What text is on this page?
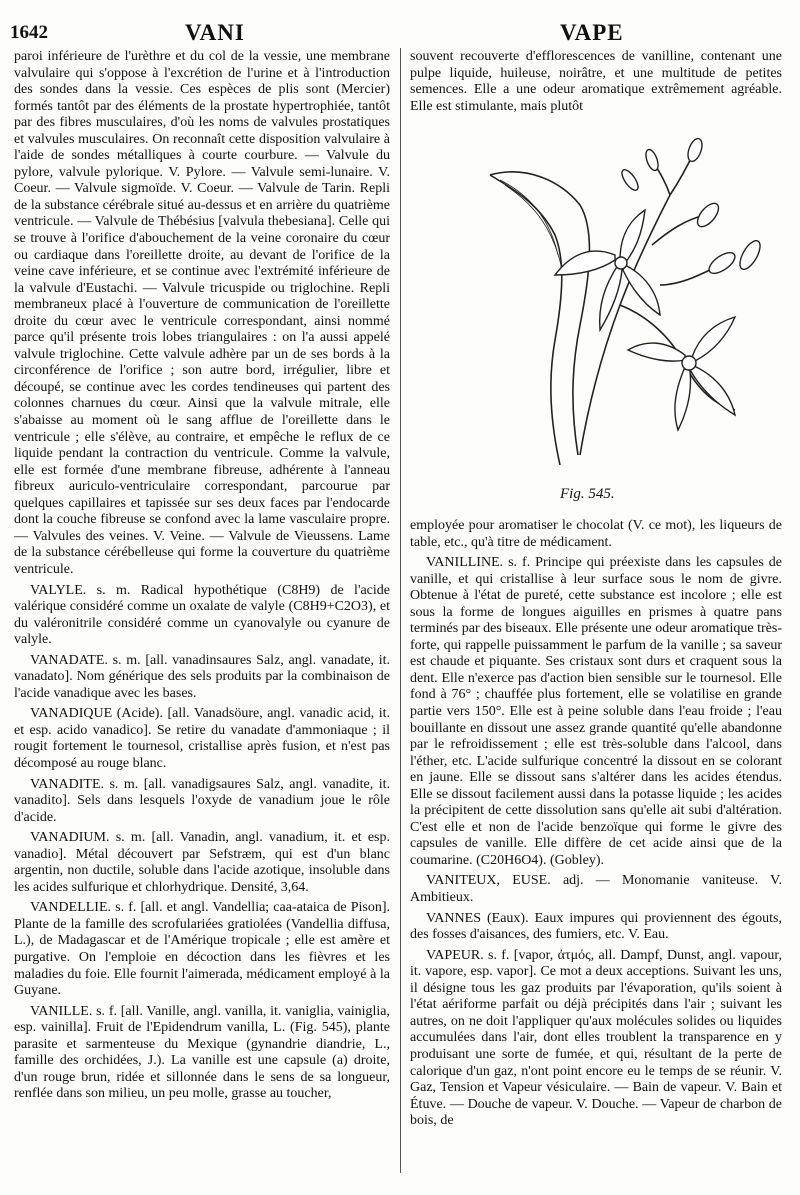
1642	VANI	VAPE

paroi inférieure de l'urèthre et du col de la vessie, une membrane valvulaire qui s'oppose à l'excrétion de l'urine et à l'introduction des sondes dans la vessie. Ces espèces de plis sont (Mercier) formés tantôt par des éléments de la prostate hypertrophiée, tantôt par des fibres musculaires, d'où les noms de valvules prostatiques et valvules musculaires. On reconnaît cette disposition valvulaire à l'aide de sondes métalliques à courte courbure. — Valvule du pylore, valvule pylorique. V. Pylore. — Valvule semi-lunaire. V. Coeur. — Valvule sigmoïde. V. Coeur. — Valvule de Tarin. Repli de la substance cérébrale situé au-dessus et en arrière du quatrième ventricule. — Valvule de Thébésius [valvula thebesiana]. Celle qui se trouve à l'orifice d'abouchement de la veine coronaire du cœur ou cardiaque dans l'oreillette droite, au devant de l'orifice de la veine cave inférieure, et se continue avec l'extrémité inférieure de la valvule d'Eustachi. — Valvule tricuspide ou triglochine. Repli membraneux placé à l'ouverture de communication de l'oreillette droite du cœur avec le ventricule correspondant, ainsi nommé parce qu'il présente trois lobes triangulaires : on l'a aussi appelé valvule triglochine. Cette valvule adhère par un de ses bords à la circonférence de l'orifice ; son autre bord, irrégulier, libre et découpé, se continue avec les cordes tendineuses qui partent des colonnes charnues du cœur. Ainsi que la valvule mitrale, elle s'abaisse au moment où le sang afflue de l'oreillette dans le ventricule ; elle s'élève, au contraire, et empêche le reflux de ce liquide pendant la contraction du ventricule. Comme la valvule, elle est formée d'une membrane fibreuse, adhérente à l'anneau fibreux auriculo-ventriculaire correspondant, parcourue par quelques capillaires et tapissée sur ses deux faces par l'endocarde dont la couche fibreuse se confond avec la lame vasculaire propre. — Valvules des veines. V. Veine. — Valvule de Vieussens. Lame de la substance cérébelleuse qui forme la couverture du quatrième ventricule.

VALYLE. s. m. Radical hypothétique (C8H9) de l'acide valérique considéré comme un oxalate de valyle (C8H9+C2O3), et du valéronitrile considéré comme un cyanovalyle ou cyanure de valyle.

VANADATE. s. m. [all. vanadinsaures Salz, angl. vanadate, it. vanadato]. Nom générique des sels produits par la combinaison de l'acide vanadique avec les bases.

VANADIQUE (Acide). [all. Vanadsöure, angl. vanadic acid, it. et esp. acido vanadico]. Se retire du vanadate d'ammoniaque ; il rougit fortement le tournesol, cristallise après fusion, et n'est pas décomposé au rouge blanc.

VANADITE. s. m. [all. vanadigsaures Salz, angl. vanadite, it. vanadito]. Sels dans lesquels l'oxyde de vanadium joue le rôle d'acide.

VANADIUM. s. m. [all. Vanadin, angl. vanadium, it. et esp. vanadio]. Métal découvert par Sefstræm, qui est d'un blanc argentin, non ductile, soluble dans l'acide azotique, insoluble dans les acides sulfurique et chlorhydrique. Densité, 3,64.

VANDELLIE. s. f. [all. et angl. Vandellia; caa-ataica de Pison]. Plante de la famille des scrofulariées gratiolées (Vandellia diffusa, L.), de Madagascar et de l'Amérique tropicale ; elle est amère et purgative. On l'emploie en décoction dans les fièvres et les maladies du foie. Elle fournit l'aimerada, médicament employé à la Guyane.

VANILLE. s. f. [all. Vanille, angl. vanilla, it. vaniglia, vainiglia, esp. vainilla]. Fruit de l'Epidendrum vanilla, L. (Fig. 545), plante parasite et sarmenteuse du Mexique (gynandrie diandrie, L., famille des orchidées, J.). La vanille est une capsule (a) droite, d'un rouge brun, ridée et sillonnée dans le sens de sa longueur, renflée dans son milieu, un peu molle, grasse au toucher,

souvent recouverte d'efflorescences de vanilline, contenant une pulpe liquide, huileuse, noirâtre, et une multitude de petites semences. Elle a une odeur aromatique extrêmement agréable. Elle est stimulante, mais plutôt

Fig. 545.

employée pour aromatiser le chocolat (V. ce mot), les liqueurs de table, etc., qu'à titre de médicament.

VANILLINE. s. f. Principe qui préexiste dans les capsules de vanille, et qui cristallise à leur surface sous le nom de givre. Obtenue à l'état de pureté, cette substance est incolore ; elle est sous la forme de longues aiguilles en prismes à quatre pans terminés par des biseaux. Elle présente une odeur aromatique très-forte, qui rappelle puissamment le parfum de la vanille ; sa saveur est chaude et piquante. Ses cristaux sont durs et craquent sous la dent. Elle n'exerce pas d'action bien sensible sur le tournesol. Elle fond à 76° ; chauffée plus fortement, elle se volatilise en grande partie vers 150°. Elle est à peine soluble dans l'eau froide ; l'eau bouillante en dissout une assez grande quantité qu'elle abandonne par le refroidissement ; elle est très-soluble dans l'alcool, dans l'éther, etc. L'acide sulfurique concentré la dissout en se colorant en jaune. Elle se dissout sans s'altérer dans les acides étendus. Elle se dissout facilement aussi dans la potasse liquide ; les acides la précipitent de cette dissolution sans qu'elle ait subi d'altération. C'est elle et non de l'acide benzoïque qui forme le givre des capsules de vanille. Elle diffère de cet acide ainsi que de la coumarine. (C20H6O4). (Gobley).

VANITEUX, EUSE. adj. — Monomanie vaniteuse. V. Ambitieux.

VANNES (Eaux). Eaux impures qui proviennent des égouts, des fosses d'aisances, des fumiers, etc. V. Eau.

VAPEUR. s. f. [vapor, ἀτμός, all. Dampf, Dunst, angl. vapour, it. vapore, esp. vapor]. Ce mot a deux acceptions. Suivant les uns, il désigne tous les gaz produits par l'évaporation, qu'ils soient à l'état aériforme parfait ou déjà précipités dans l'air ; suivant les autres, on ne doit l'appliquer qu'aux molécules solides ou liquides accumulées dans l'air, dont elles troublent la transparence en y produisant une sorte de fumée, et qui, résultant de la perte de calorique d'un gaz, n'ont point encore eu le temps de se réunir. V. Gaz, Tension et Vapeur vésiculaire. — Bain de vapeur. V. Bain et Étuve. — Douche de vapeur. V. Douche. — Vapeur de charbon de bois, de
